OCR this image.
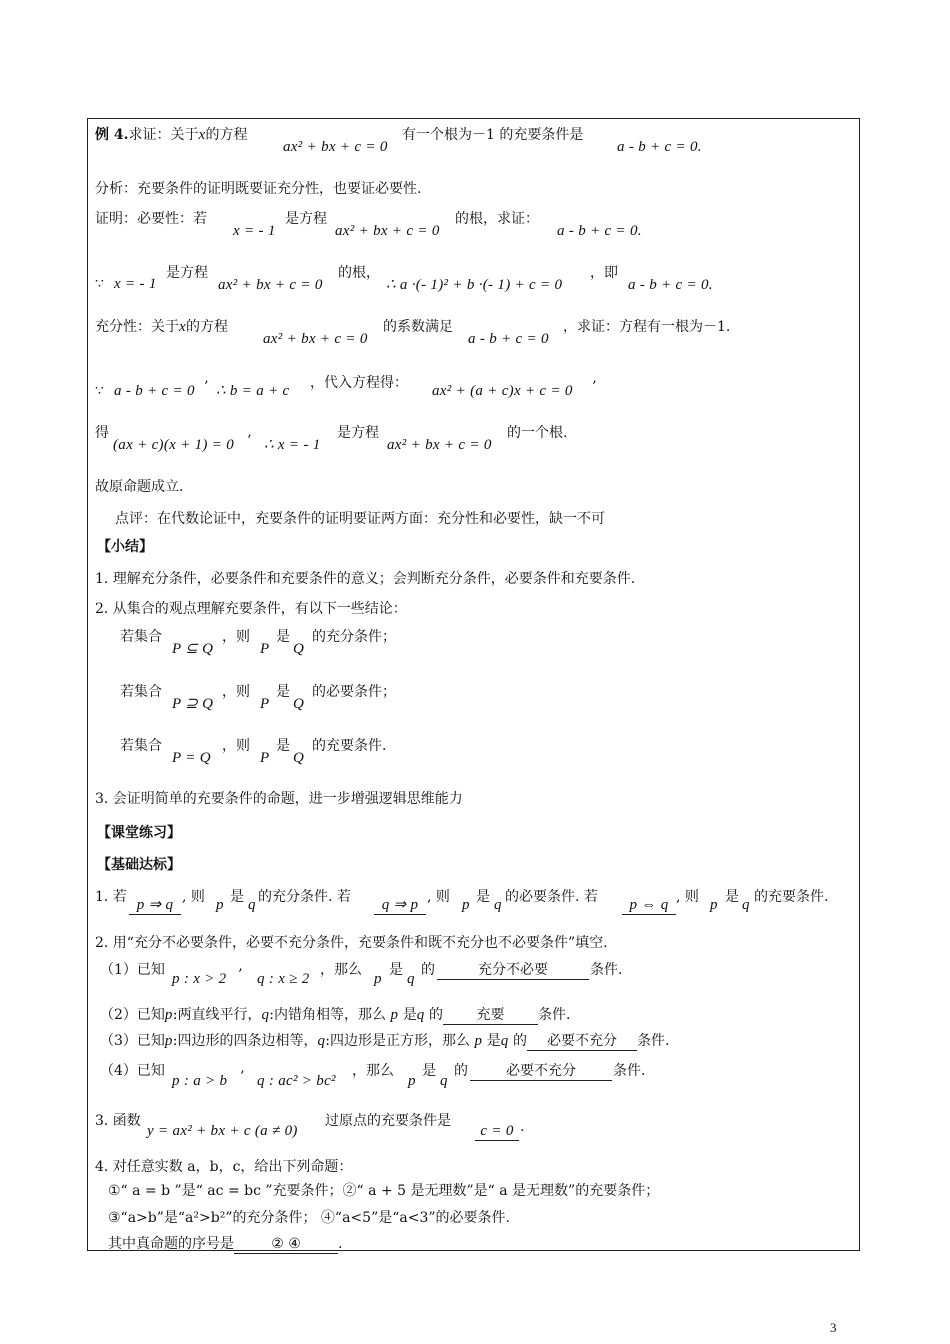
例 4.求证：关于x的方程
ax² + bx + c = 0
有一个根为－1 的充要条件是
a - b + c = 0.
分析：充要条件的证明既要证充分性，也要证必要性.
证明：必要性：若
x = - 1
是方程
ax² + bx + c = 0
的根，求证：
a - b + c = 0.
∵ x = - 1
是方程
ax² + bx + c = 0
的根，
∴ a ·(- 1)² + b ·(- 1) + c = 0
，即
a - b + c = 0.
充分性：关于x的方程
ax² + bx + c = 0
的系数满足
a - b + c = 0
，求证：方程有一根为－1.
∵ a - b + c = 0 ’ ∴ b = a + c ，代入方程得： ax² + (a + c)x + c = 0 ’
得
(ax + c)(x + 1) = 0 ’ ∴ x = - 1
是方程
ax² + bx + c = 0
的一个根.
故原命题成立.
点评：在代数论证中，充要条件的证明要证两方面：充分性和必要性，缺一不可
【小结】
1. 理解充分条件，必要条件和充要条件的意义；会判断充分条件，必要条件和充要条件.
2. 从集合的观点理解充要条件，有以下一些结论：
若集合
P ⊆ Q
，则
P
是
Q
的充分条件；
若集合
P ⊇ Q
，则
P
是
Q
的必要条件；
若集合
P = Q
，则
P
是
Q
的充要条件.
3. 会证明简单的充要条件的命题，进一步增强逻辑思维能力
【课堂练习】
【基础达标】
1. 若 p ⇒ q , 则 p 是 q 的充分条件. 若	q ⇒ p , 则 p 是 q 的必要条件. 若	p ⇔ q , 则 p 是 q 的充要条件.
2. 用“充分不必要条件，必要不充分条件，充要条件和既不充分也不必要条件”填空.
（1）已知
p : x > 2 ’ q : x ≥ 2
，那么
p
是
q
的	充分不必要	条件.
（2）已知p:两直线平行，q:内错角相等，那么 p 是q 的 充要 条件.
（3）已知p:四边形的四条边相等，q:四边形是正方形，那么 p 是q 的 必要不充分 条件.
（4）已知
p : a > b ’ q : ac² > bc²
，那么
p
是
q
的	必要不充分	条件.
3. 函数
y = ax² + bx + c (a ≠ 0)
过原点的充要条件是
c = 0 .
4. 对任意实数 a，b，c，给出下列命题：
①“ a = b ”是“ ac = bc ”充要条件；②“ a + 5 是无理数”是“ a 是无理数”的充要条件；
③“a>b”是“a²>b²”的充分条件； ④“a<5”是“a<3”的必要条件.
其中真命题的序号是	② ④	.
3
